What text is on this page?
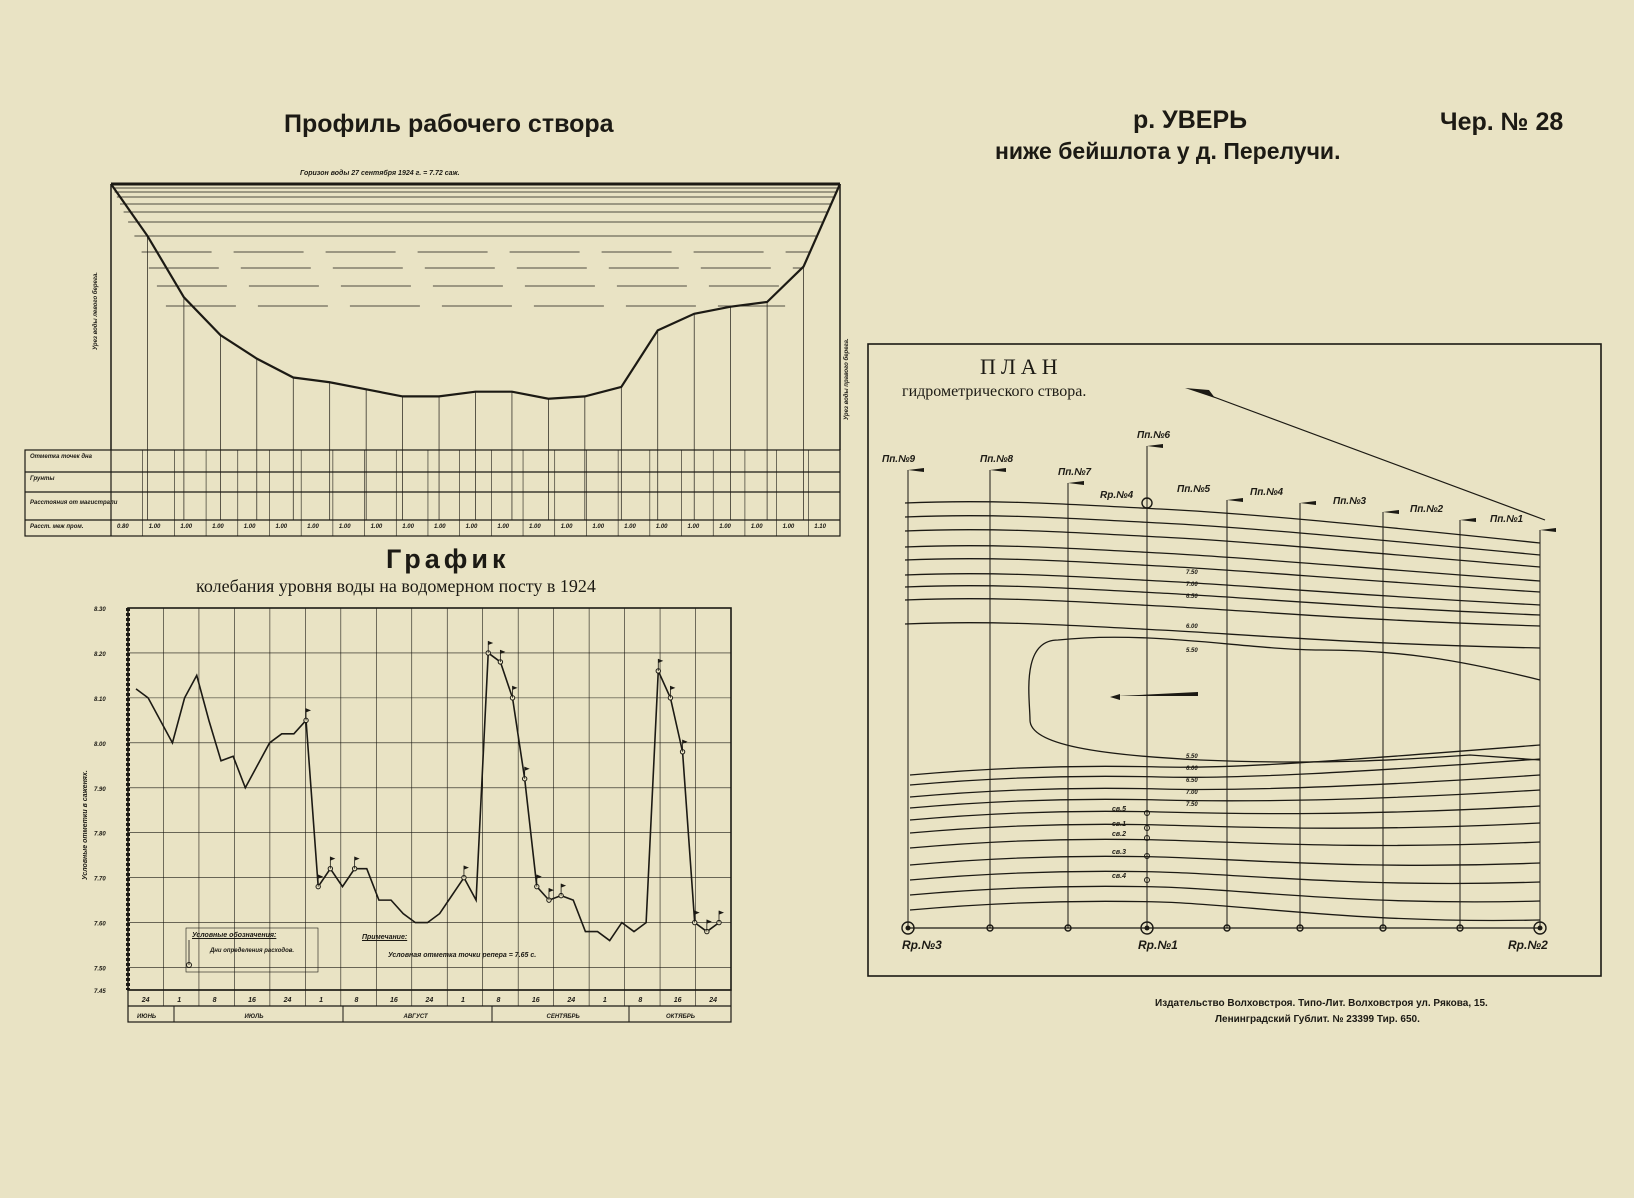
Профиль рабочего створа	р. УВЕРЬ
ниже бейшлота у д. Перелучи.
Чер. № 28
Горизон воды 27 сентября 1924 г. = 7.72 саж.
Урез воды левого берега.
Урез воды правого берега.
Отметка точек дна
Грунты
Расстояния от магистрали
Расст. меж пром.	0.80	1.00	1.00	1.00	1.00	1.00	1.00	1.00	1.00	1.00	1.00	1.00	1.00	1.00	1.00	1.00	1.00	1.00	1.00	1.00	1.00	1.00	1.10
График
колебания уровня воды на водомерном посту в 1924
8.30
8.20
8.10
8.00
7.90
7.80
7.70
7.60
7.50
7.45
24	1	8	16	24	1	8	16	24	1	8	16	24	1	8	16	24
ИЮНЬ	ИЮЛЬ	АВГУСТ	СЕНТЯБРЬ	ОКТЯБРЬ
Условные отметки в саженях.
Условные обозначения:
Дни определения расходов.
Примечание:
Условная отметка точки репера = 7.65 с.
ПЛАН
гидрометрического створа.
Пп.№9	Пп.№8
Пп.№7
Пп.№6
Пп.№5	Пп.№4
Пп.№3
Пп.№2
Пп.№1
Rp.№3	Rp.№1	Rp.№2
Rp.№4
7.50
7.00
6.50
6.00
5.50
5.50
6.00
6.50
7.00
7.50
св.5
св.1
св.2
св.3
св.4
Издательство Волховстроя. Типо-Лит. Волховстроя ул. Рякова, 15.
Ленинградский Гублит. № 23399 Тир. 650.
